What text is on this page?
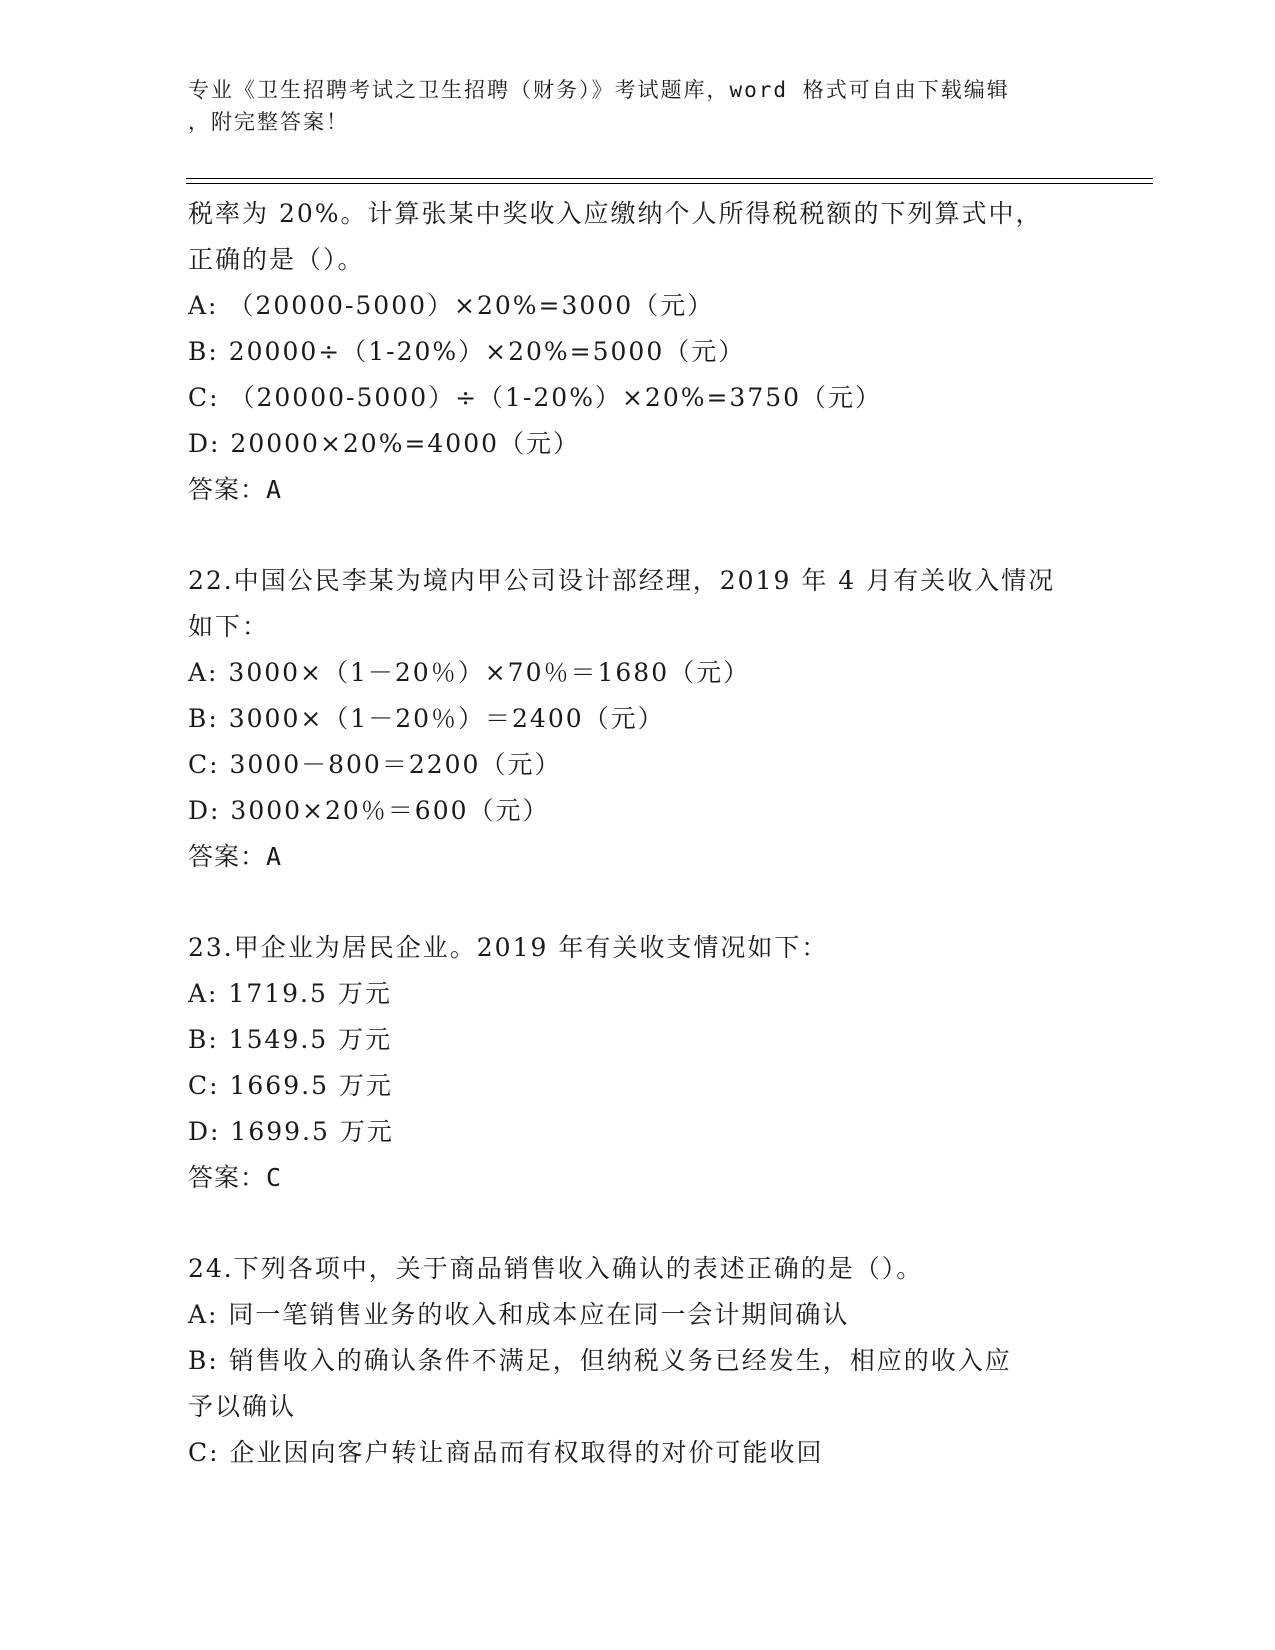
专业《卫生招聘考试之卫生招聘（财务）》考试题库，word 格式可自由下载编辑
，附完整答案！
税率为 20%。计算张某中奖收入应缴纳个人所得税税额的下列算式中，
正确的是（）。
A: （20000-5000）×20%=3000（元）
B: 20000÷（1-20%）×20%=5000（元）
C: （20000-5000）÷（1-20%）×20%=3750（元）
D: 20000×20%=4000（元）
答案：A
22.中国公民李某为境内甲公司设计部经理，2019 年 4 月有关收入情况
如下：
A: 3000×（1－20％）×70％＝1680（元）
B: 3000×（1－20％）＝2400（元）
C: 3000－800＝2200（元）
D: 3000×20％＝600（元）
答案：A
23.甲企业为居民企业。2019 年有关收支情况如下：
A: 1719.5 万元
B: 1549.5 万元
C: 1669.5 万元
D: 1699.5 万元
答案：C
24.下列各项中，关于商品销售收入确认的表述正确的是（）。
A: 同一笔销售业务的收入和成本应在同一会计期间确认
B: 销售收入的确认条件不满足，但纳税义务已经发生，相应的收入应
予以确认
C: 企业因向客户转让商品而有权取得的对价可能收回
